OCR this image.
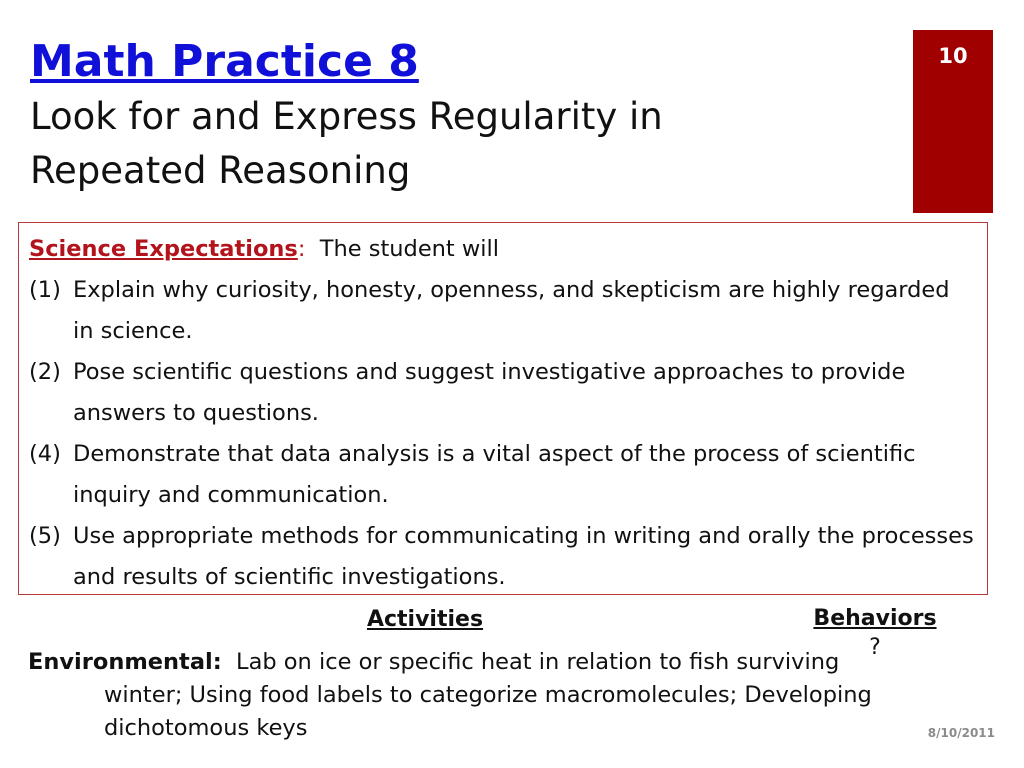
Math Practice 8
Look for and Express Regularity in
Repeated Reasoning
10

Science Expectations: The student will

(1) Explain why curiosity, honesty, openness, and skepticism are highly regarded in science.
(2) Pose scientific questions and suggest investigative approaches to provide answers to questions.
(4) Demonstrate that data analysis is a vital aspect of the process of scientific inquiry and communication.
(5) Use appropriate methods for communicating in writing and orally the processes and results of scientific investigations.
Activities
Environmental: Lab on ice or specific heat in relation to fish surviving winter; Using food labels to categorize macromolecules; Developing dichotomous keys
Behaviors
?
8/10/2011
